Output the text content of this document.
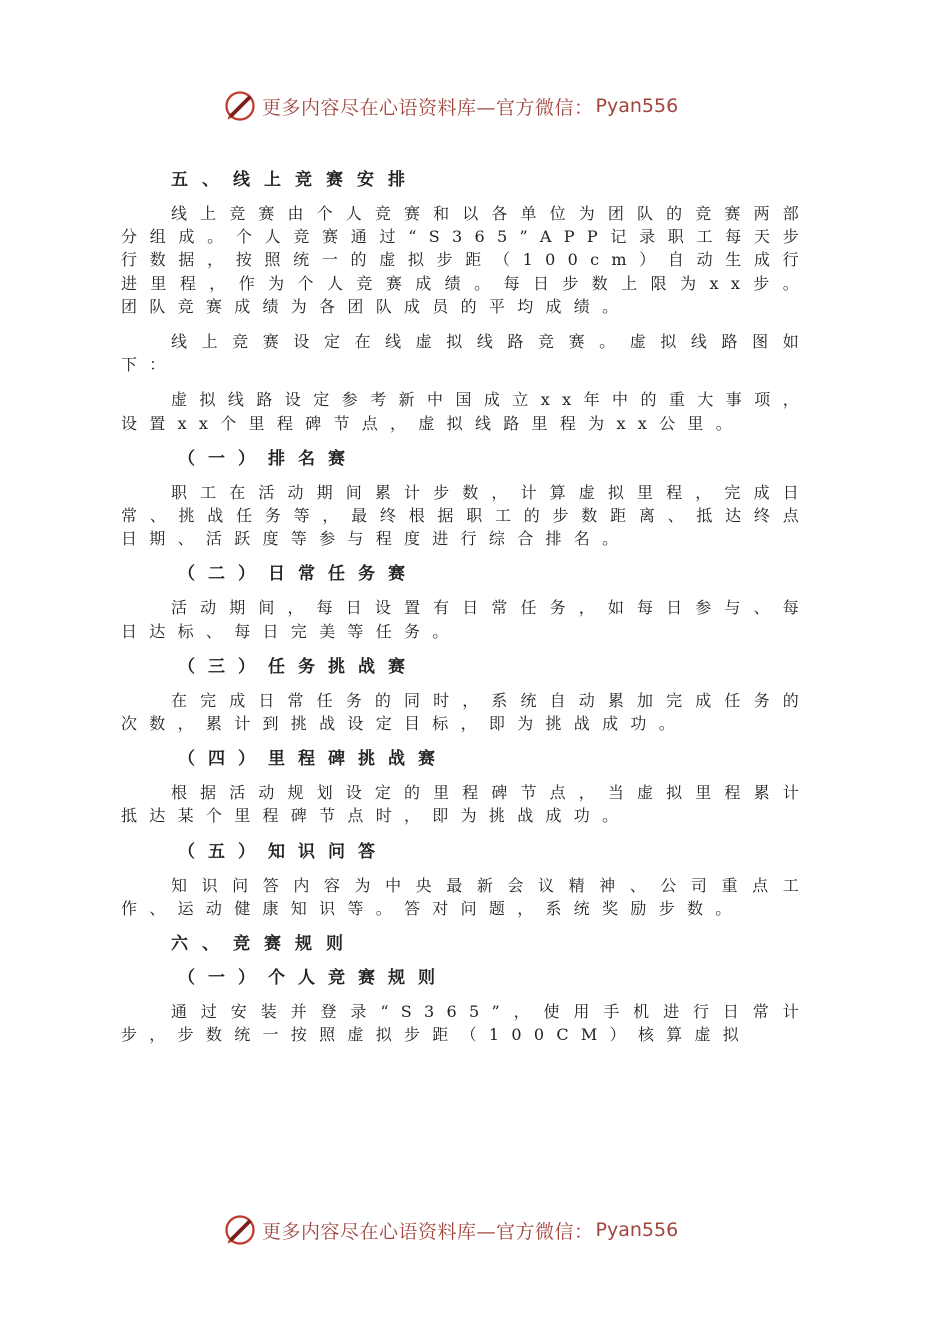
更多内容尽在心语资料库—官方微信： Pyan556
五、线上竞赛安排
线上竞赛由个人竞赛和以各单位为团队的竞赛两部分组成。个人竞赛通过“S365”APP记录职工每天步行数据，按照统一的虚拟步距（100cm）自动生成行进里程，作为个人竞赛成绩。每日步数上限为xx步。团队竞赛成绩为各团队成员的平均成绩。
线上竞赛设定在线虚拟线路竞赛。虚拟线路图如下：
虚拟线路设定参考新中国成立xx年中的重大事项，设置xx个里程碑节点，虚拟线路里程为xx公里。
（一）排名赛
职工在活动期间累计步数，计算虚拟里程，完成日常、挑战任务等，最终根据职工的步数距离、抵达终点日期、活跃度等参与程度进行综合排名。
（二）日常任务赛
活动期间，每日设置有日常任务，如每日参与、每日达标、每日完美等任务。
（三）任务挑战赛
在完成日常任务的同时，系统自动累加完成任务的次数，累计到挑战设定目标，即为挑战成功。
（四）里程碑挑战赛
根据活动规划设定的里程碑节点，当虚拟里程累计抵达某个里程碑节点时，即为挑战成功。
（五）知识问答
知识问答内容为中央最新会议精神、公司重点工作、运动健康知识等。答对问题，系统奖励步数。
六、竞赛规则
（一）个人竞赛规则
通过安装并登录“S365”，使用手机进行日常计步，步数统一按照虚拟步距（100CM）核算虚拟
更多内容尽在心语资料库—官方微信： Pyan556
